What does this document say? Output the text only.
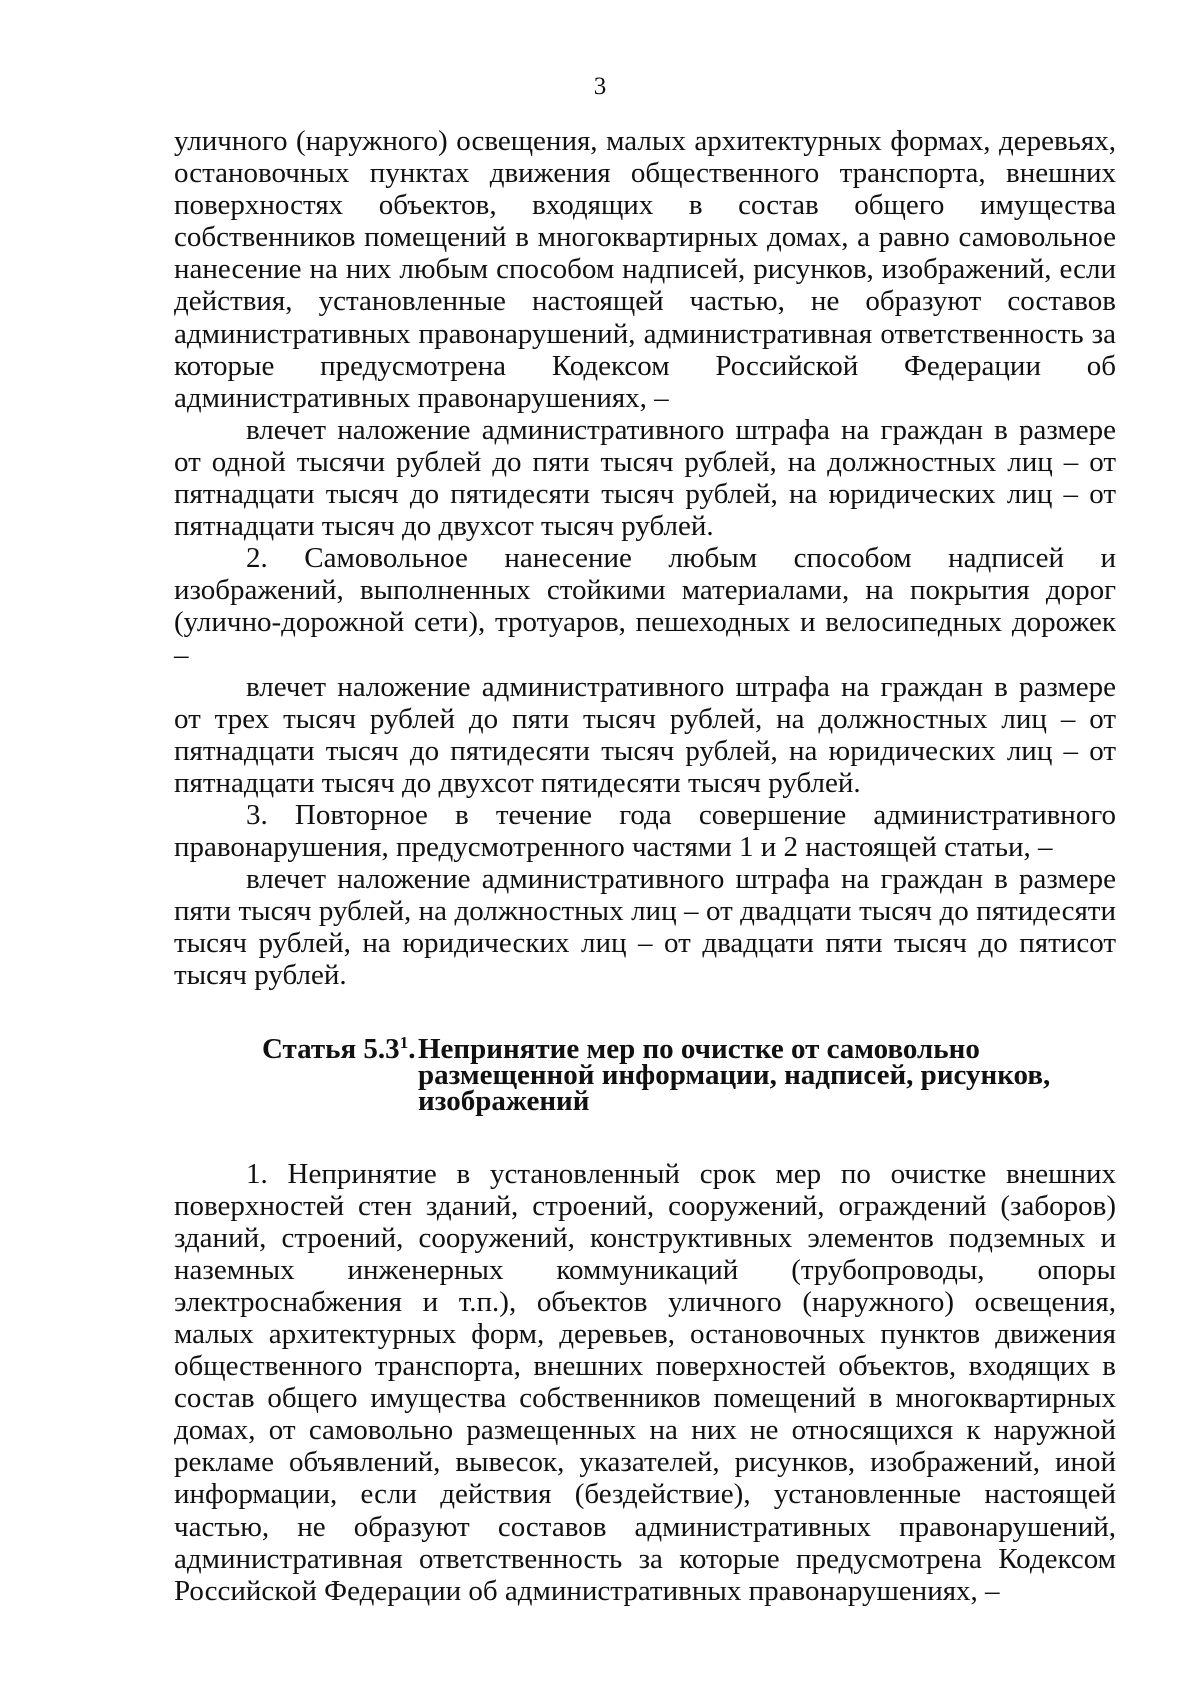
3

уличного (наружного) освещения, малых архитектурных формах, деревьях, остановочных пунктах движения общественного транспорта, внешних поверхностях объектов, входящих в состав общего имущества собственников помещений в многоквартирных домах, а равно самовольное нанесение на них любым способом надписей, рисунков, изображений, если действия, установленные настоящей частью, не образуют составов административных правонарушений, административная ответственность за которые предусмотрена Кодексом Российской Федерации об административных правонарушениях, –

влечет наложение административного штрафа на граждан в размере от одной тысячи рублей до пяти тысяч рублей, на должностных лиц – от пятнадцати тысяч до пятидесяти тысяч рублей, на юридических лиц – от пятнадцати тысяч до двухсот тысяч рублей.

2. Самовольное нанесение любым способом надписей и изображений, выполненных стойкими материалами, на покрытия дорог (улично-дорожной сети), тротуаров, пешеходных и велосипедных дорожек –

влечет наложение административного штрафа на граждан в размере от трех тысяч рублей до пяти тысяч рублей, на должностных лиц – от пятнадцати тысяч до пятидесяти тысяч рублей, на юридических лиц – от пятнадцати тысяч до двухсот пятидесяти тысяч рублей.

3. Повторное в течение года совершение административного правонарушения, предусмотренного частями 1 и 2 настоящей статьи, –

влечет наложение административного штрафа на граждан в размере пяти тысяч рублей, на должностных лиц – от двадцати тысяч до пятидесяти тысяч рублей, на юридических лиц – от двадцати пяти тысяч до пятисот тысяч рублей.

Статья $5.3^1$. Непринятие мер по очистке от самовольно
размещенной информации, надписей, рисунков,
изображений

1. Непринятие в установленный срок мер по очистке внешних поверхностей стен зданий, строений, сооружений, ограждений (заборов) зданий, строений, сооружений, конструктивных элементов подземных и наземных инженерных коммуникаций (трубопроводы, опоры электроснабжения и т.п.), объектов уличного (наружного) освещения, малых архитектурных форм, деревьев, остановочных пунктов движения общественного транспорта, внешних поверхностей объектов, входящих в состав общего имущества собственников помещений в многоквартирных домах, от самовольно размещенных на них не относящихся к наружной рекламе объявлений, вывесок, указателей, рисунков, изображений, иной информации, если действия (бездействие), установленные настоящей частью, не образуют составов административных правонарушений, административная ответственность за которые предусмотрена Кодексом Российской Федерации об административных правонарушениях, –
